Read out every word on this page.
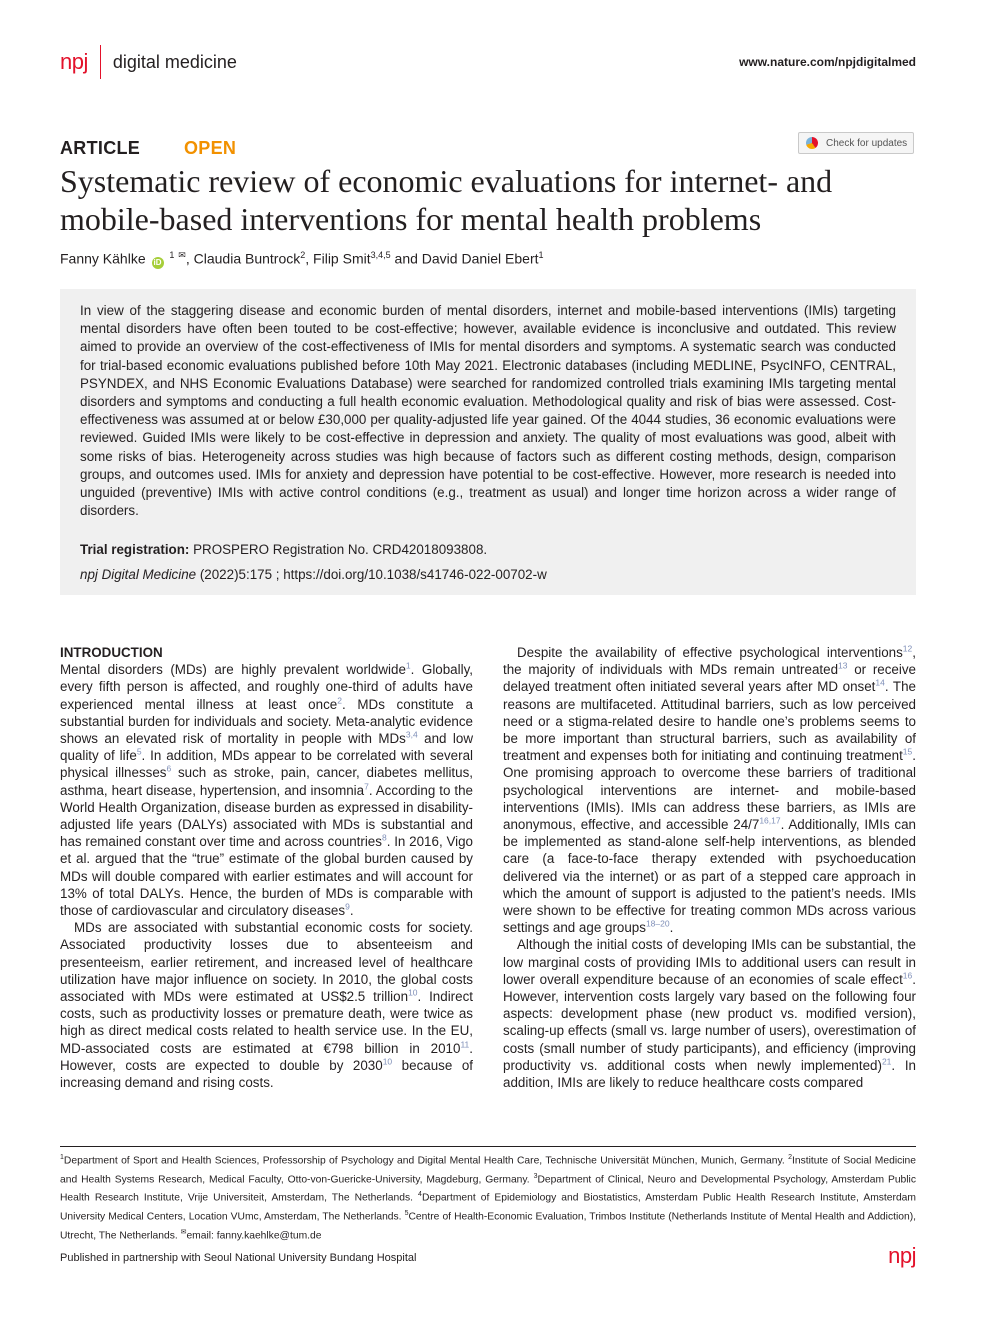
npj digital medicine	www.nature.com/npjdigitalmed
ARTICLE OPEN	Check for updates
Systematic review of economic evaluations for internet- and mobile-based interventions for mental health problems
Fanny Kählke iD $^1$ ✉, Claudia Buntrock$^2$, Filip Smit$^{3,4,5}$ and David Daniel Ebert$^1$

In view of the staggering disease and economic burden of mental disorders, internet and mobile-based interventions (IMIs) targeting mental disorders have often been touted to be cost-effective; however, available evidence is inconclusive and outdated. This review aimed to provide an overview of the cost-effectiveness of IMIs for mental disorders and symptoms. A systematic search was conducted for trial-based economic evaluations published before 10th May 2021. Electronic databases (including MEDLINE, PsycINFO, CENTRAL, PSYNDEX, and NHS Economic Evaluations Database) were searched for randomized controlled trials examining IMIs targeting mental disorders and symptoms and conducting a full health economic evaluation. Methodological quality and risk of bias were assessed. Cost-effectiveness was assumed at or below £30,000 per quality-adjusted life year gained. Of the 4044 studies, 36 economic evaluations were reviewed. Guided IMIs were likely to be cost-effective in depression and anxiety. The quality of most evaluations was good, albeit with some risks of bias. Heterogeneity across studies was high because of factors such as different costing methods, design, comparison groups, and outcomes used. IMIs for anxiety and depression have potential to be cost-effective. However, more research is needed into unguided (preventive) IMIs with active control conditions (e.g., treatment as usual) and longer time horizon across a wider range of disorders.

Trial registration: PROSPERO Registration No. CRD42018093808.
npj Digital Medicine (2022)5:175 ; https://doi.org/10.1038/s41746-022-00702-w
INTRODUCTION

Mental disorders (MDs) are highly prevalent worldwide$^1$. Globally, every fifth person is affected, and roughly one-third of adults have experienced mental illness at least once$^2$. MDs constitute a substantial burden for individuals and society. Meta-analytic evidence shows an elevated risk of mortality in people with MDs$^{3,4}$ and low quality of life$^5$. In addition, MDs appear to be correlated with several physical illnesses$^6$ such as stroke, pain, cancer, diabetes mellitus, asthma, heart disease, hypertension, and insomnia$^7$. According to the World Health Organization, disease burden as expressed in disability-adjusted life years (DALYs) associated with MDs is substantial and has remained constant over time and across countries$^8$. In 2016, Vigo et al. argued that the “true” estimate of the global burden caused by MDs will double compared with earlier estimates and will account for 13% of total DALYs. Hence, the burden of MDs is comparable with those of cardiovascular and circulatory diseases$^9$.

MDs are associated with substantial economic costs for society. Associated productivity losses due to absenteeism and presenteeism, earlier retirement, and increased level of healthcare utilization have major influence on society. In 2010, the global costs associated with MDs were estimated at US$2.5 trillion$^{10}$. Indirect costs, such as productivity losses or premature death, were twice as high as direct medical costs related to health service use. In the EU, MD-associated costs are estimated at €798 billion in 2010$^{11}$. However, costs are expected to double by 2030$^{10}$ because of increasing demand and rising costs.

Despite the availability of effective psychological interventions$^{12}$, the majority of individuals with MDs remain untreated$^{13}$ or receive delayed treatment often initiated several years after MD onset$^{14}$. The reasons are multifaceted. Attitudinal barriers, such as low perceived need or a stigma-related desire to handle one’s problems seems to be more important than structural barriers, such as availability of treatment and expenses both for initiating and continuing treatment$^{15}$. One promising approach to overcome these barriers of traditional psychological interventions are internet- and mobile-based interventions (IMIs). IMIs can address these barriers, as IMIs are anonymous, effective, and accessible 24/7$^{16,17}$. Additionally, IMIs can be implemented as stand-alone self-help interventions, as blended care (a face-to-face therapy extended with psychoeducation delivered via the internet) or as part of a stepped care approach in which the amount of support is adjusted to the patient’s needs. IMIs were shown to be effective for treating common MDs across various settings and age groups$^{18-20}$.

Although the initial costs of developing IMIs can be substantial, the low marginal costs of providing IMIs to additional users can result in lower overall expenditure because of an economies of scale effect$^{16}$. However, intervention costs largely vary based on the following four aspects: development phase (new product vs. modified version), scaling-up effects (small vs. large number of users), overestimation of costs (small number of study participants), and efficiency (improving productivity vs. additional costs when newly implemented)$^{21}$. In addition, IMIs are likely to reduce healthcare costs compared

$^1$Department of Sport and Health Sciences, Professorship of Psychology and Digital Mental Health Care, Technische Universität München, Munich, Germany. $^2$Institute of Social Medicine and Health Systems Research, Medical Faculty, Otto-von-Guericke-University, Magdeburg, Germany. $^3$Department of Clinical, Neuro and Developmental Psychology, Amsterdam Public Health Research Institute, Vrije Universiteit, Amsterdam, The Netherlands. $^4$Department of Epidemiology and Biostatistics, Amsterdam Public Health Research Institute, Amsterdam University Medical Centers, Location VUmc, Amsterdam, The Netherlands. $^5$Centre of Health-Economic Evaluation, Trimbos Institute (Netherlands Institute of Mental Health and Addiction), Utrecht, The Netherlands. ✉email: fanny.kaehlke@tum.de

Published in partnership with Seoul National University Bundang Hospital	npj
